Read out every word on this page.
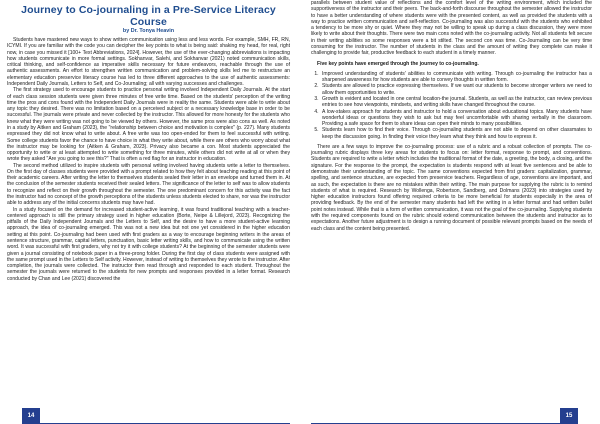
Journey to Co-journaling in a Pre-Service Literacy Course
by Dr. Tonya Heavin

Students have mastered new ways to show written communication using less and less words. For example, SMH, FR, RN, ICYMI. If you are familiar with the code you can decipher the key points to what is being said: shaking my head, for real, right now, in case you missed it [100+ Text Abbreviations, 2024]. However, the use of the ever-changing abbreviations is impacting how students communicate in more formal settings. Sokhanvar, Salehi, and Sokhanvar (2021) noted communication skills, critical thinking, and self-confidence as imperative skills necessary for future endeavors, reachable through the use of authentic assessments. An effort to strengthen written communication and problem-solving skills led me to restructure an elementary education preservice literacy course has led to three different approaches to the use of authentic assessments: Independent Daily Journals, Letters to Self, and Co-Journaling; all with varying successes and challenges.

The first strategy used to encourage students to practice personal writing involved Independent Daily Journals. At the start of each class session students were given three minutes of free write time. Based on the students' perception of the writing time the pros and cons found with the Independent Daily Journals were in reality the same. Students were able to write about any topic they desired. There was no limitation based on a perceived subject or a necessary knowledge base in order to be successful. The journals were private and never collected by the instructor. This allowed for more honesty for the students who knew what they were writing was not going to be viewed by others. However, the same pros were also cons as well. As noted in a study by Aitken and Graham (2023), the "relationship between choice and motivation is complex" (p. 227). Many students expressed they did not know what to write about. A free write was too open-ended for them to feel successful with writing. Some college students favor the chance to have choice in what they write about, while there are others who worry about what the instructor may be looking for (Aitken & Graham, 2023). Privacy also became a con. Most students appreciated the opportunity to write or at least attempted to write something for three minutes, while others did not write at all or when they wrote they asked "Are you going to see this?" That is often a red flag for an instructor in education.

The second method utilized to inspire students with personal writing involved having students write a letter to themselves. On the first day of classes students were provided with a prompt related to how they felt about teaching reading at this point of their academic careers. After writing the letter to themselves students sealed their letter in an envelope and turned them in. At the conclusion of the semester students received their sealed letters. The significance of the letter to self was to allow students to recognize and reflect on their growth throughout the semester. The one predominant concern for this activity was the fact the instructor had no concept of the growth perceptions of the students unless students elected to share, nor was the instructor able to address any of the initial concerns students may have had.

In a study focused on the demand for increased student-active learning, it was found traditional teaching with a teacher-centered approach is still the primary strategy used in higher education (Borte, Neipe & Lillejord, 2023). Recognizing the pitfalls of the Daily Independent Journals and the Letters to Self, and the desire to have a more student-active learning approach, the idea of co-journaling emerged. This was not a new idea but not one yet considered in the higher education setting at this point. Co-journaling had been used with first graders as a way to encourage beginning writers in the areas of sentence structure, grammar, capital letters, punctuation, basic letter writing skills, and how to communicate using the written word. It was successful with first graders, why not try it with college students? At the beginning of the semester students were given a journal consisting of notebook paper in a three-prong folder. During the first day of class students were assigned with the same prompt used in the Letters to Self activity. However, instead of writing to themselves they wrote to the instructor. After completion, the journals were collected. The instructor then read through and responded to each student. Throughout the semester the journals were returned to the students for new prompts and responses provided in a letter format. Research conducted by Chan and Lee (2021) discovered the

14

parallels between student value of reflections and the comfort level of the writing environment, which included the supportiveness of the instructor and their peers. The back-and-forth discourse throughout the semester allowed the instructor to have a better understanding of where students were with the presented content, as well as provided the students with a way to practice written communication and self-reflection. Co-journaling was also successful with the students who exhibited a tendency to be more shy or quiet. Where they may not be willing to speak up during a class discussion, they were more likely to write about their thoughts. There were two main cons noted with the co-journaling activity. Not all students felt secure in their writing abilities so some responses were a bit stilted. The second con was time. Co-Journaling can be very time consuming for the instructor. The number of students in the class and the amount of writing they complete can make it challenging to provide fair, productive feedback to each student in a timely manner.

Five key points have emerged through the journey to co-journaling.

1. Improved understanding of students' abilities to communicate with writing. Through co-journaling the instructor has a sharpened awareness for how students are able to convey thoughts in written form.
2. Students are allowed to practice expressing themselves. If we want our students to become stronger writers we need to allow them opportunities to write.
3. Growth is evident and located in one central location-the journal. Students, as well as the instructor, can review previous entries to see how viewpoints, mindsets, and writing skills have changed throughout the course.
4. A low-stakes approach for students and instructor to hold a conversation about educational topics. Many students have wonderful ideas or questions they wish to ask but may feel uncomfortable with sharing verbally in the classroom. Providing a safe space for them to share ideas can open their minds to many possibilities.
5. Students learn how to find their voice. Through co-journaling students are not able to depend on other classmates to keep the discussion going. In finding their voice they learn what they think and how to express it.

There are a few ways to improve the co-journaling process: use of a rubric and a robust collection of prompts. The co-journaling rubric displays three key areas for students to focus on: letter format, response to prompt, and conventions. Students are required to write a letter which includes the traditional format of the date, a greeting, the body, a closing, and the signature. For the response to the prompt, the expectation is students respond with at least five sentences and be able to demonstrate their understanding of the topic. The same conventions expected from first graders: capitalization, grammar, spelling, and sentence structure, are expected from preservice teachers. Regardless of age, conventions are important, and as such, the expectation is there are no mistakes within their writing. The main purpose for supplying the rubric is to remind students of what is required. Research by Wollenga, Robertson, Sandberg, and Dolmans (2023) into strategies used by higher education instructors found offering required criteria to be more beneficial for students especially in the area of providing feedback. By the end of the semester many students had left the writing in a letter format and had written bullet point notes instead. While that is a form of written communication, it was not the goal of the co-journaling. Supplying students with the required components found on the rubric should extend communication between the students and instructor as to expectations. Another future adjustment is to design a running document of possible relevant prompts based on the needs of each class and the content being presented.

15
